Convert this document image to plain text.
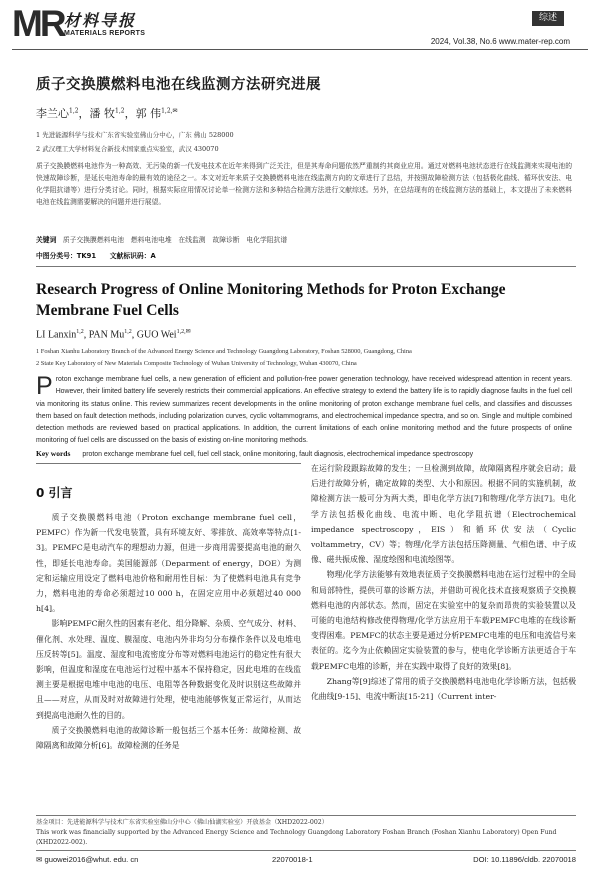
MR 材料导报
MATERIALS REPORTS
综述
2024, Vol.38, No.6 www.mater-rep.com
质子交换膜燃料电池在线监测方法研究进展
李兰心$^{1,2}$，潘 牧$^{1,2}$，郭 伟$^{1,2,✉}$
1 先进能源科学与技术广东省实验室佛山分中心，广东 佛山 528000
2 武汉理工大学材料复合新技术国家重点实验室，武汉 430070
质子交换膜燃料电池作为一种高效、无污染的新一代发电技术在近年来得到广泛关注，但是其寿命问题依然严重制约其商业应用。通过对燃料电池状态进行在线监测来实现电池的快速故障诊断，是延长电池寿命的最有效的途径之一。本文对近年来质子交换膜燃料电池在线监测方向的文章进行了总结，并按照故障检测方法（包括极化曲线、循环伏安法、电化学阻抗谱等）进行分类讨论。同时，根据实际应用情况讨论单一检测方法和多种结合检测方法进行文献综述。另外，在总结现有的在线监测方法的基础上，本文提出了未来燃料电池在线监测需要解决的问题并进行展望。
关键词 质子交换膜燃料电池　燃料电池电堆　在线监测　故障诊断　电化学阻抗谱
中图分类号：TK91　　文献标识码：A
Research Progress of Online Monitoring Methods for Proton Exchange Membrane Fuel Cells
LI Lanxin$^{1,2}$, PAN Mu$^{1,2}$, GUO Wei$^{1,2,✉}$
1 Foshan Xianhu Laboratory Branch of the Advanced Energy Science and Technology Guangdong Laboratory, Foshan 528000, Guangdong, China
2 State Key Laboratory of New Materials Composite Technology of Wuhan University of Technology, Wuhan 430070, China
Proton exchange membrane fuel cells, a new generation of efficient and pollution-free power generation technology, have received widespread attention in recent years. However, their limited battery life severely restricts their commercial applications. An effective strategy to extend the battery life is to rapidly diagnose faults in the fuel cell via monitoring its status online. This review summarizes recent developments in the online monitoring of proton exchange membrane fuel cells, and classifies and discusses them based on fault detection methods, including polarization curves, cyclic voltammograms, and electrochemical impedance spectra, and so on. Single and multiple combined detection methods are reviewed based on practical applications. In addition, the current limitations of each online monitoring method and the future prospects of online monitoring of fuel cells are discussed on the basis of existing on-line monitoring methods.
Key words proton exchange membrane fuel cell, fuel cell stack, online monitoring, fault diagnosis, electrochemical impedance spectroscopy
0 引言

质子交换膜燃料电池（Proton exchange membrane fuel cell，PEMFC）作为新一代发电装置，具有环境友好、零排放、高效率等特点[1-3]。PEMFC是电动汽车的理想动力源，但进一步商用需要提高电池的耐久性，即延长电池寿命。美国能源部（Deparment of energy，DOE）为测定和运输应用设定了燃料电池价格和耐用性目标：为了使燃料电池具有竞争力，燃料电池的寿命必须超过10 000 h，在固定应用中必须超过40 000 h[4]。

影响PEMFC耐久性的因素有老化、组分降解、杂质、空气成分、材料、催化剂、水处理、温度、膜湿度、电池内外非均匀分布操作条件以及电堆电压反转等[5]。温度、湿度和电流密度分布等对燃料电池运行的稳定性有很大影响，但温度和湿度在电池运行过程中基本不保持稳定，因此电堆的在线监测主要是根据电堆中电池的电压、电阻等各种数据变化及时识别这些故障并且——对应，从而及时对故障进行处理，使电池能够恢复正常运行，从而达到提高电池耐久性的目的。

质子交换膜燃料电池的故障诊断一般包括三个基本任务：故障检测、故障隔离和故障分析[6]。故障检测的任务是

在运行阶段跟踪故障的发生；一旦检测到故障，故障隔离程序就会启动；最后进行故障分析，确定故障的类型、大小和原因。根据不同的实施机制，故障检测方法一般可分为两大类，即电化学方法[7]和物理/化学方法[7]。电化学方法包括极化曲线、电流中断、电化学阻抗谱（Electrochemical impedance spectroscopy，EIS）和循环伏安法（Cyclic voltammetry，CV）等；物理/化学方法包括压降测量、气相色谱、中子成像、磁共振成像、湿度绘图和电流绘图等。

物理/化学方法能够有效地表征质子交换膜燃料电池在运行过程中的全局和局部特性，提供可靠的诊断方法，并借助可视化技术直接观察质子交换膜燃料电池的内部状态。然而，固定在实验室中的复杂而昂贵的实验装置以及可能的电池结构修改使得物理/化学方法应用于车载PEMFC电堆的在线诊断变得困难。PEMFC的状态主要是通过分析PEMFC电堆的电压和电流信号来表征的。迄今为止依赖固定实验装置的参与，使电化学诊断方法更适合于车载PEMFC电堆的诊断，并在实践中取得了良好的效果[8]。

Zhang等[9]综述了常用的质子交换膜燃料电池电化学诊断方法，包括极化曲线[9-15]、电流中断法[15-21]（Current inter-

基金项目：先进能源科学与技术广东省实验室佛山分中心（佛山仙湖实验室）开放基金（XHD2022-002）
This work was financially supported by the Advanced Energy Science and Technology Guangdong Laboratory Foshan Branch (Foshan Xianhu Laboratory) Open Fund (XHD2022-002).
✉ guowei2016@whut. edu. cn	22070018-1	DOI: 10.11896/cldb. 22070018
